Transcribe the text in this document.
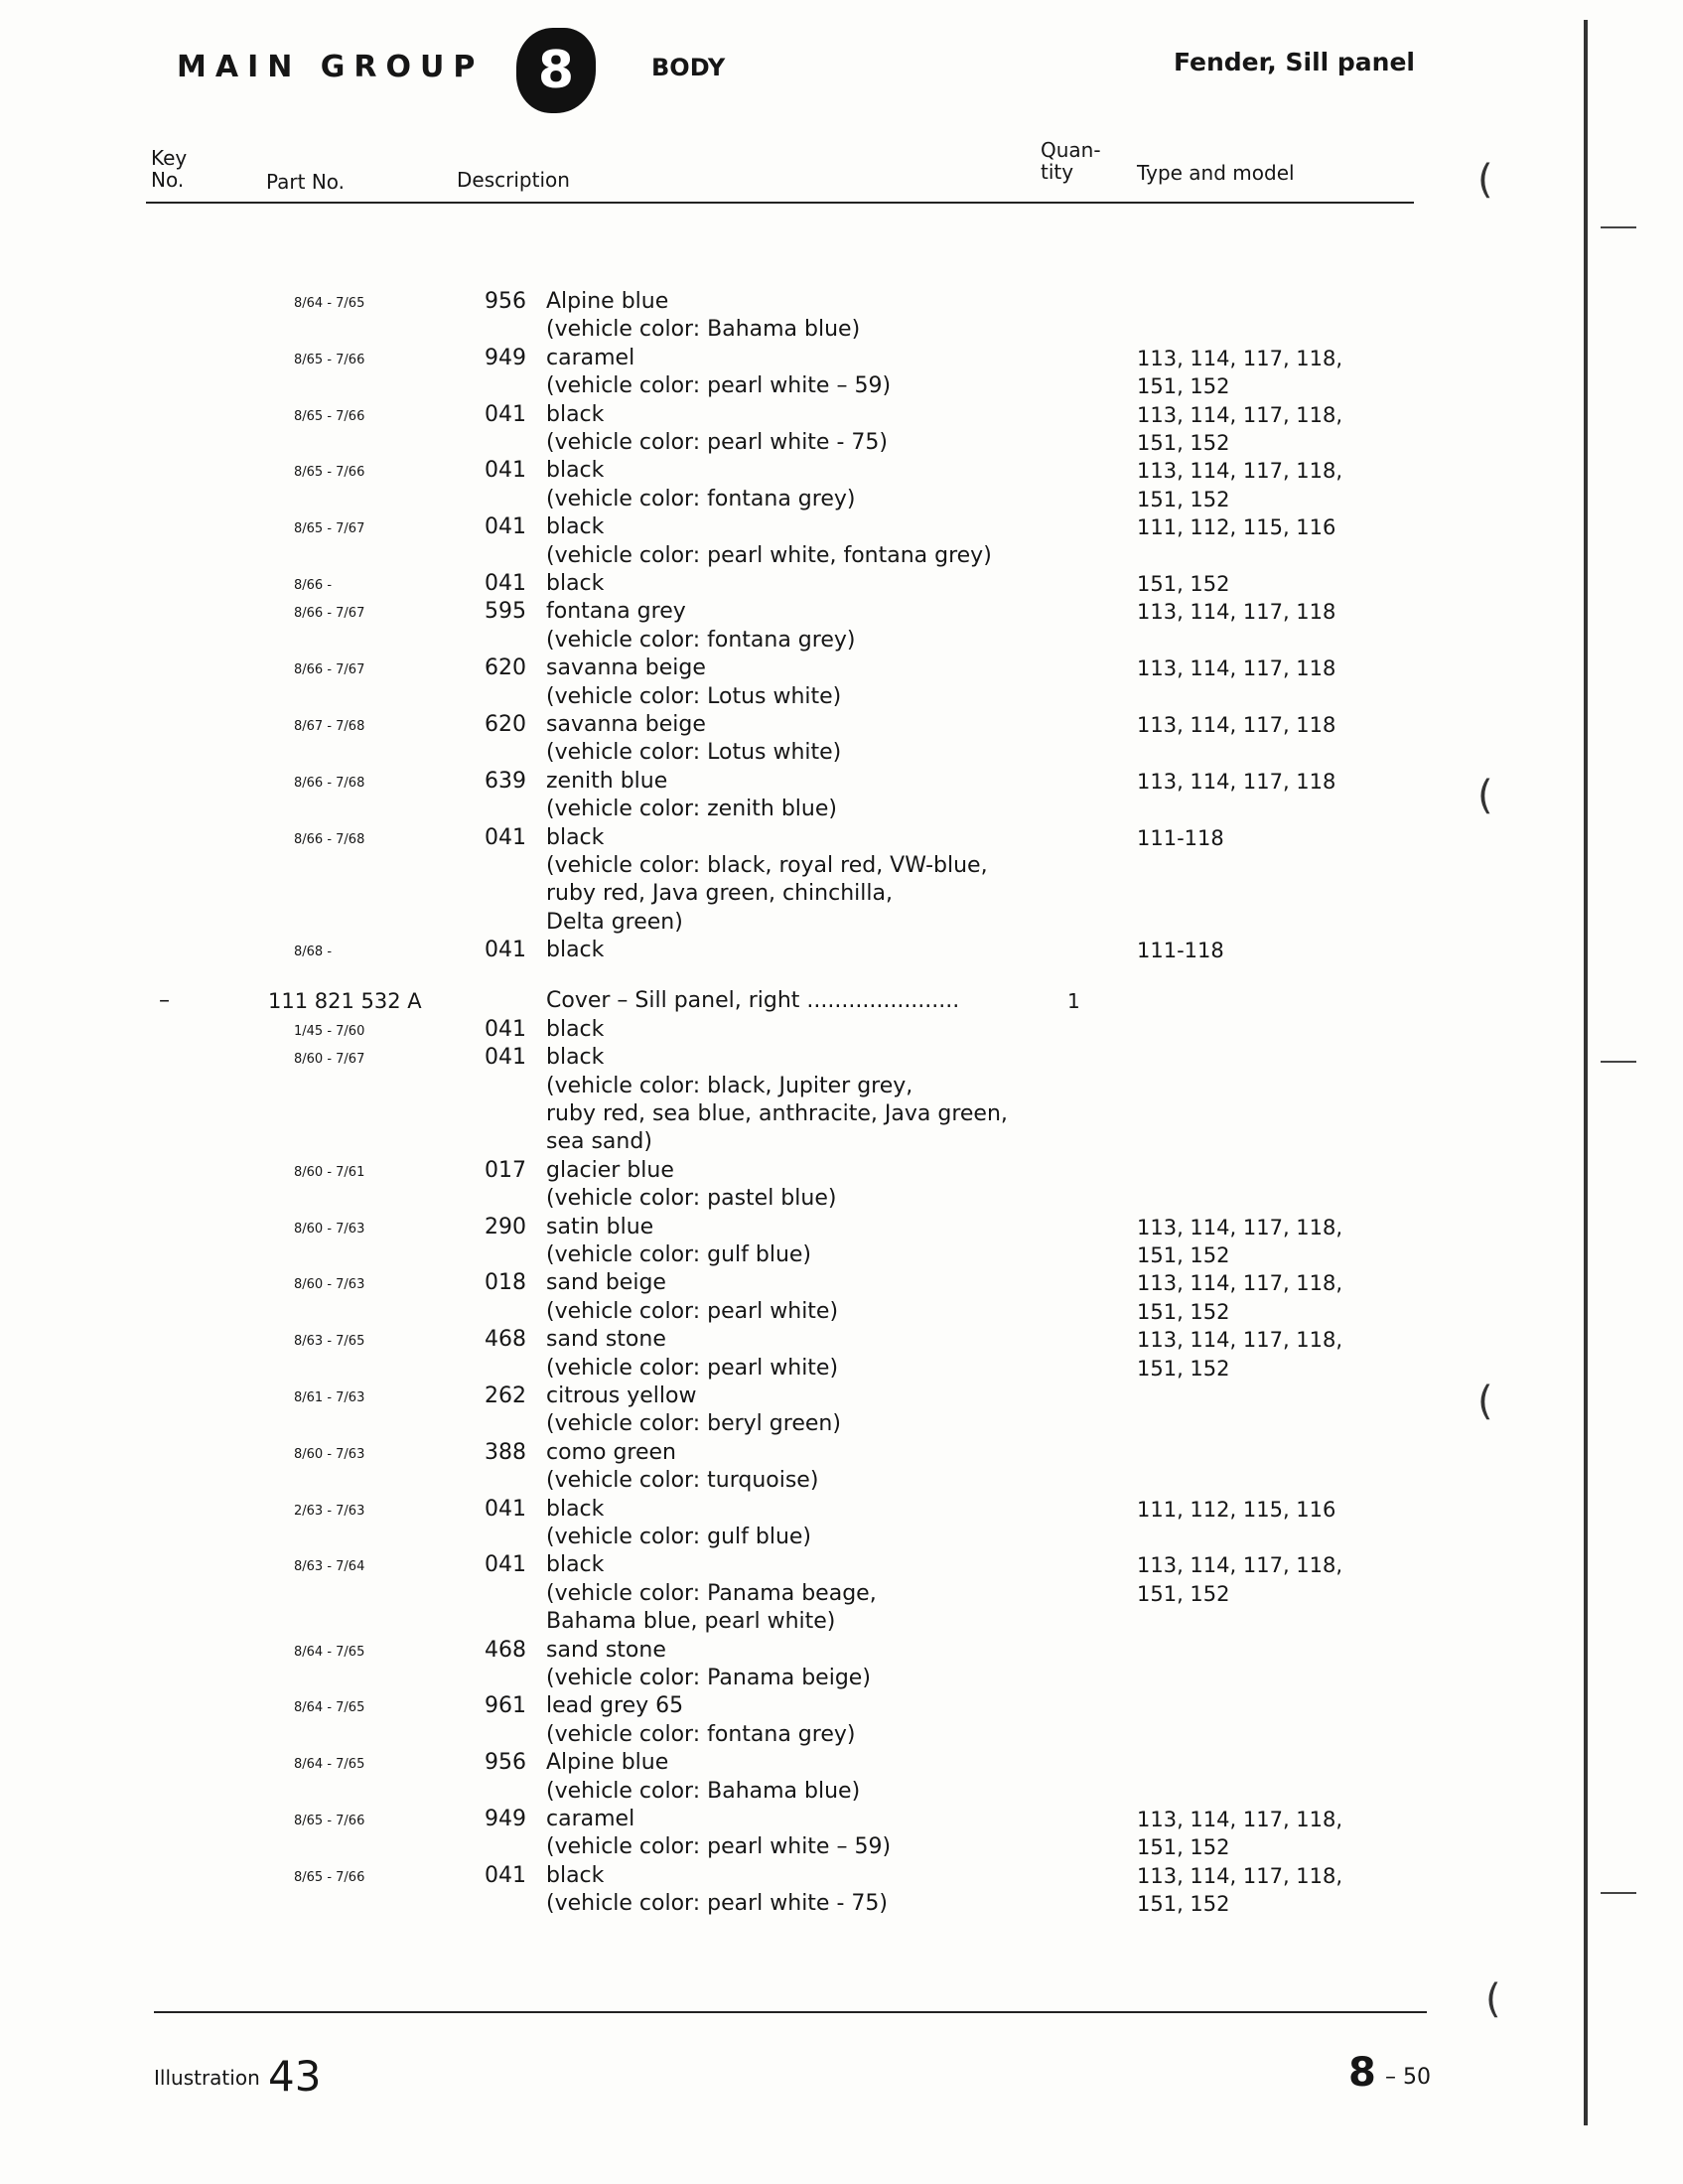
MAIN GROUP	8	BODY	Fender, Sill panel
Key
No.	Part No.	Description
Quan-
tity	Type and model
8/64 - 7/65	956 Alpine blue
(vehicle color: Bahama blue)
8/65 - 7/66	949 caramel	113, 114, 117, 118,
(vehicle color: pearl white – 59)	151, 152
8/65 - 7/66	041 black	113, 114, 117, 118,
(vehicle color: pearl white - 75)	151, 152
8/65 - 7/66	041 black	113, 114, 117, 118,
(vehicle color: fontana grey)	151, 152
8/65 - 7/67	041 black	111, 112, 115, 116
(vehicle color: pearl white, fontana grey)
8/66 -	041 black	151, 152
8/66 - 7/67	595 fontana grey	113, 114, 117, 118
(vehicle color: fontana grey)
8/66 - 7/67	620 savanna beige	113, 114, 117, 118
(vehicle color: Lotus white)
8/67 - 7/68	620 savanna beige	113, 114, 117, 118
(vehicle color: Lotus white)
8/66 - 7/68	639 zenith blue	113, 114, 117, 118
(vehicle color: zenith blue)
8/66 - 7/68	041 black	111-118
(vehicle color: black, royal red, VW-blue,
ruby red, Java green, chinchilla,
Delta green)
8/68 -	041 black	111-118
–	111 821 532 A	Cover – Sill panel, right ......................	1
1/45 - 7/60	041 black
8/60 - 7/67	041 black
(vehicle color: black, Jupiter grey,
ruby red, sea blue, anthracite, Java green,
sea sand)
8/60 - 7/61	017 glacier blue
(vehicle color: pastel blue)
8/60 - 7/63	290 satin blue	113, 114, 117, 118,
(vehicle color: gulf blue)	151, 152
8/60 - 7/63	018 sand beige	113, 114, 117, 118,
(vehicle color: pearl white)	151, 152
8/63 - 7/65	468 sand stone	113, 114, 117, 118,
(vehicle color: pearl white)	151, 152
8/61 - 7/63	262 citrous yellow
(vehicle color: beryl green)
8/60 - 7/63	388 como green
(vehicle color: turquoise)
2/63 - 7/63	041 black	111, 112, 115, 116
(vehicle color: gulf blue)
8/63 - 7/64	041 black	113, 114, 117, 118,
(vehicle color: Panama beage,	151, 152
Bahama blue, pearl white)
8/64 - 7/65	468 sand stone
(vehicle color: Panama beige)
8/64 - 7/65	961 lead grey 65
(vehicle color: fontana grey)
8/64 - 7/65	956 Alpine blue
(vehicle color: Bahama blue)
8/65 - 7/66	949 caramel	113, 114, 117, 118,
(vehicle color: pearl white – 59)	151, 152
8/65 - 7/66	041 black	113, 114, 117, 118,
(vehicle color: pearl white - 75)	151, 152
Illustration 43	8 – 50
(
(
(
(
